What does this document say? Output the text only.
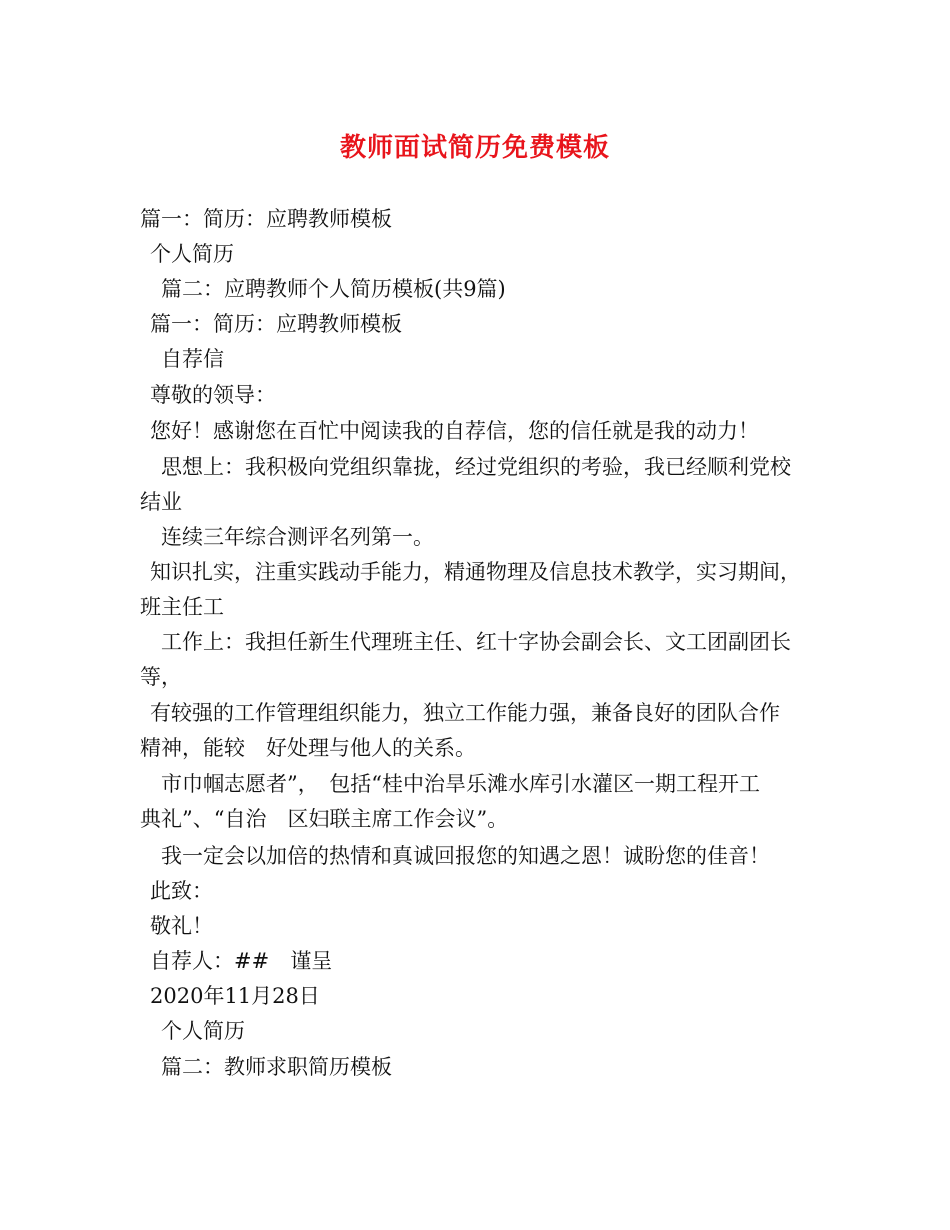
教师面试简历免费模板
篇一：简历：应聘教师模板
个人简历
篇二：应聘教师个人简历模板(共9篇)
篇一：简历：应聘教师模板
自荐信
尊敬的领导：
您好！感谢您在百忙中阅读我的自荐信，您的信任就是我的动力！
思想上：我积极向党组织靠拢，经过党组织的考验，我已经顺利党校
结业
连续三年综合测评名列第一。
知识扎实，注重实践动手能力，精通物理及信息技术教学，实习期间，
班主任工
工作上：我担任新生代理班主任、红十字协会副会长、文工团副团长
等，
有较强的工作管理组织能力，独立工作能力强，兼备良好的团队合作
精神，能较　好处理与他人的关系。
市巾帼志愿者”，　包括“桂中治旱乐滩水库引水灌区一期工程开工
典礼”、“自治　区妇联主席工作会议”。
我一定会以加倍的热情和真诚回报您的知遇之恩！诚盼您的佳音！
此致：
敬礼！
自荐人：##　谨呈
2020年11月28日
个人简历
篇二：教师求职简历模板
